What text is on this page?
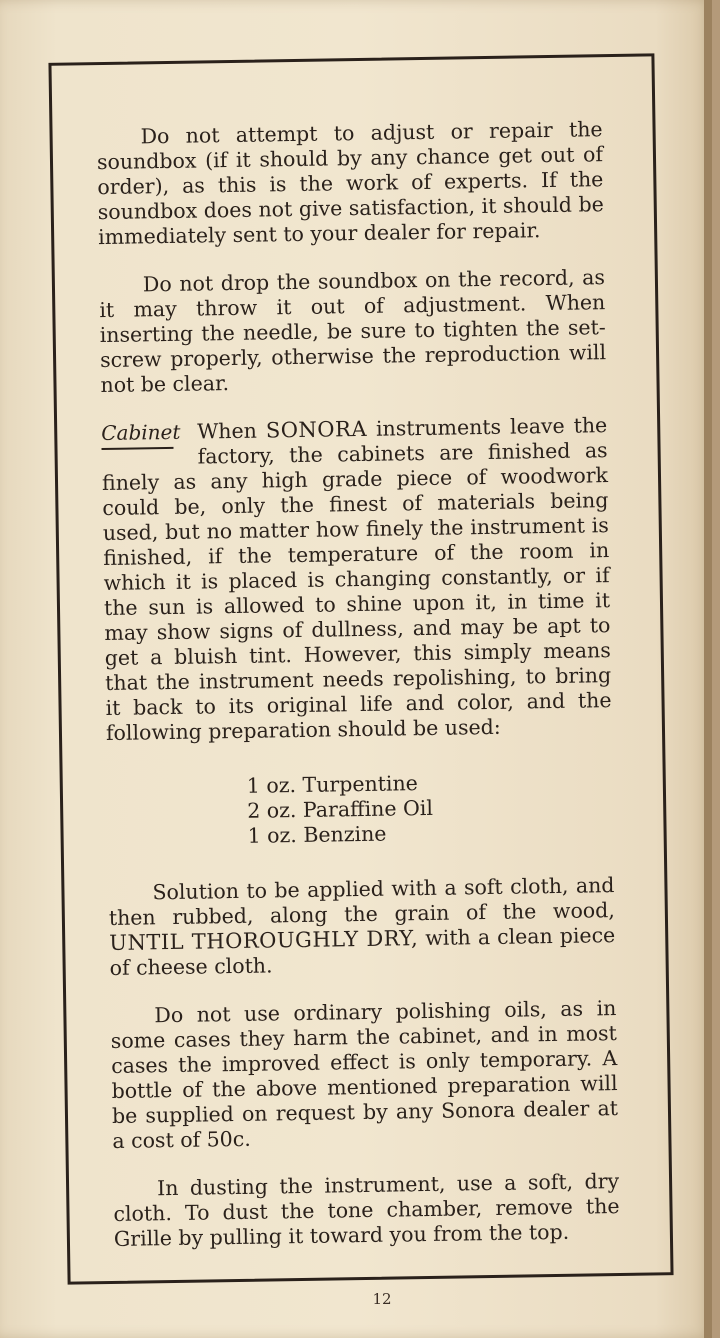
Do not attempt to adjust or repair the soundbox (if it should by any chance get out of order), as this is the work of experts. If the soundbox does not give satisfaction, it should be immediately sent to your dealer for repair.

Do not drop the soundbox on the record, as it may throw it out of adjustment. When inserting the needle, be sure to tighten the set-screw properly, otherwise the reproduction will not be clear.

Cabinet When SONORA instruments leave the factory, the cabinets are finished as finely as any high grade piece of woodwork could be, only the finest of materials being used, but no matter how finely the instrument is finished, if the temperature of the room in which it is placed is changing constantly, or if the sun is allowed to shine upon it, in time it may show signs of dullness, and may be apt to get a bluish tint. However, this simply means that the instrument needs repolishing, to bring it back to its original life and color, and the following preparation should be used:
1 oz. Turpentine
2 oz. Paraffine Oil
1 oz. Benzine

Solution to be applied with a soft cloth, and then rubbed, along the grain of the wood, UNTIL THOROUGHLY DRY, with a clean piece of cheese cloth.

Do not use ordinary polishing oils, as in some cases they harm the cabinet, and in most cases the improved effect is only temporary. A bottle of the above mentioned preparation will be supplied on request by any Sonora dealer at a cost of 50c.

In dusting the instrument, use a soft, dry cloth. To dust the tone chamber, remove the Grille by pulling it toward you from the top.

12
